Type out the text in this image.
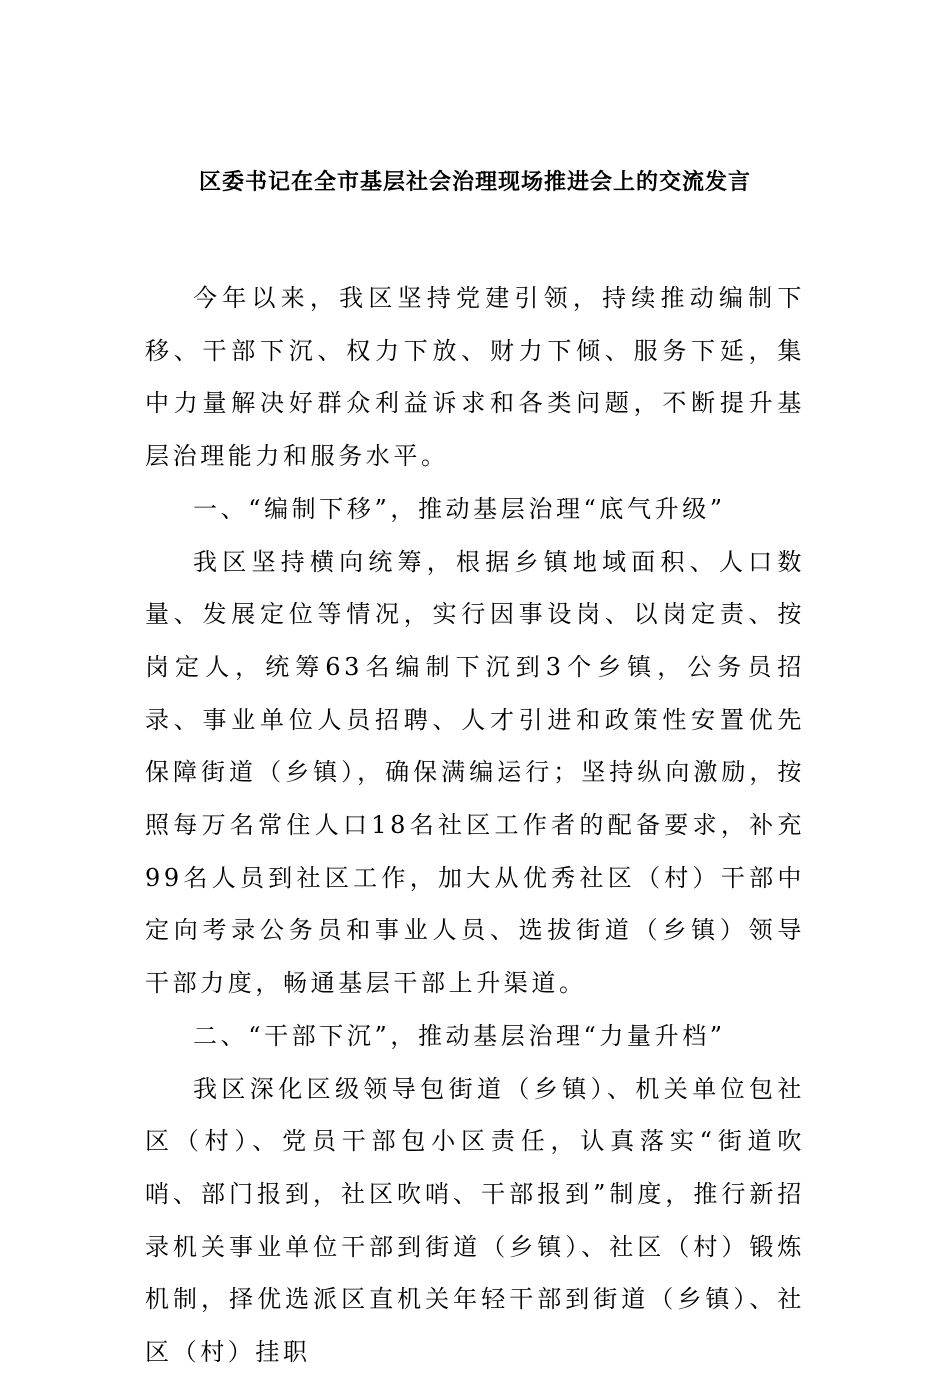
区委书记在全市基层社会治理现场推进会上的交流发言

今年以来，我区坚持党建引领，持续推动编制下移、干部下沉、权力下放、财力下倾、服务下延，集中力量解决好群众利益诉求和各类问题，不断提升基层治理能力和服务水平。

一、“编制下移”，推动基层治理“底气升级”

我区坚持横向统筹，根据乡镇地域面积、人口数量、发展定位等情况，实行因事设岗、以岗定责、按岗定人，统筹63名编制下沉到3个乡镇，公务员招录、事业单位人员招聘、人才引进和政策性安置优先保障街道（乡镇），确保满编运行；坚持纵向激励，按照每万名常住人口18名社区工作者的配备要求，补充99名人员到社区工作，加大从优秀社区（村）干部中定向考录公务员和事业人员、选拔街道（乡镇）领导干部力度，畅通基层干部上升渠道。

二、“干部下沉”，推动基层治理“力量升档”

我区深化区级领导包街道（乡镇）、机关单位包社区（村）、党员干部包小区责任，认真落实“街道吹哨、部门报到，社区吹哨、干部报到”制度，推行新招录机关事业单位干部到街道（乡镇）、社区（村）锻炼机制，择优选派区直机关年轻干部到街道（乡镇）、社区（村）挂职
